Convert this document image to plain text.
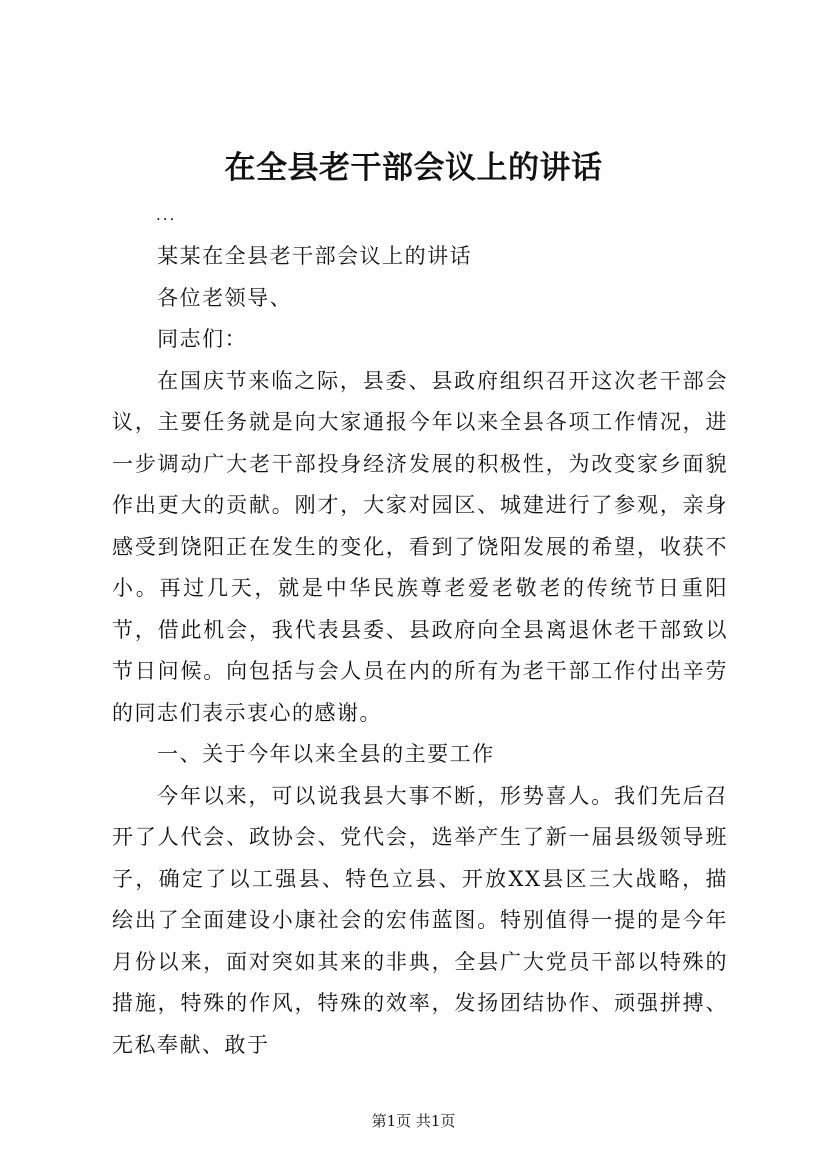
在全县老干部会议上的讲话
...

某某在全县老干部会议上的讲话

各位老领导、

同志们：

在国庆节来临之际，县委、县政府组织召开这次老干部会议，主要任务就是向大家通报今年以来全县各项工作情况，进一步调动广大老干部投身经济发展的积极性，为改变家乡面貌作出更大的贡献。刚才，大家对园区、城建进行了参观，亲身感受到饶阳正在发生的变化，看到了饶阳发展的希望，收获不小。再过几天，就是中华民族尊老爱老敬老的传统节日重阳节，借此机会，我代表县委、县政府向全县离退休老干部致以节日问候。向包括与会人员在内的所有为老干部工作付出辛劳的同志们表示衷心的感谢。

一、关于今年以来全县的主要工作

今年以来，可以说我县大事不断，形势喜人。我们先后召开了人代会、政协会、党代会，选举产生了新一届县级领导班子，确定了以工强县、特色立县、开放XX县区三大战略，描绘出了全面建设小康社会的宏伟蓝图。特别值得一提的是今年月份以来，面对突如其来的非典，全县广大党员干部以特殊的措施，特殊的作风，特殊的效率，发扬团结协作、顽强拼搏、无私奉献、敢于

第1页 共1页
